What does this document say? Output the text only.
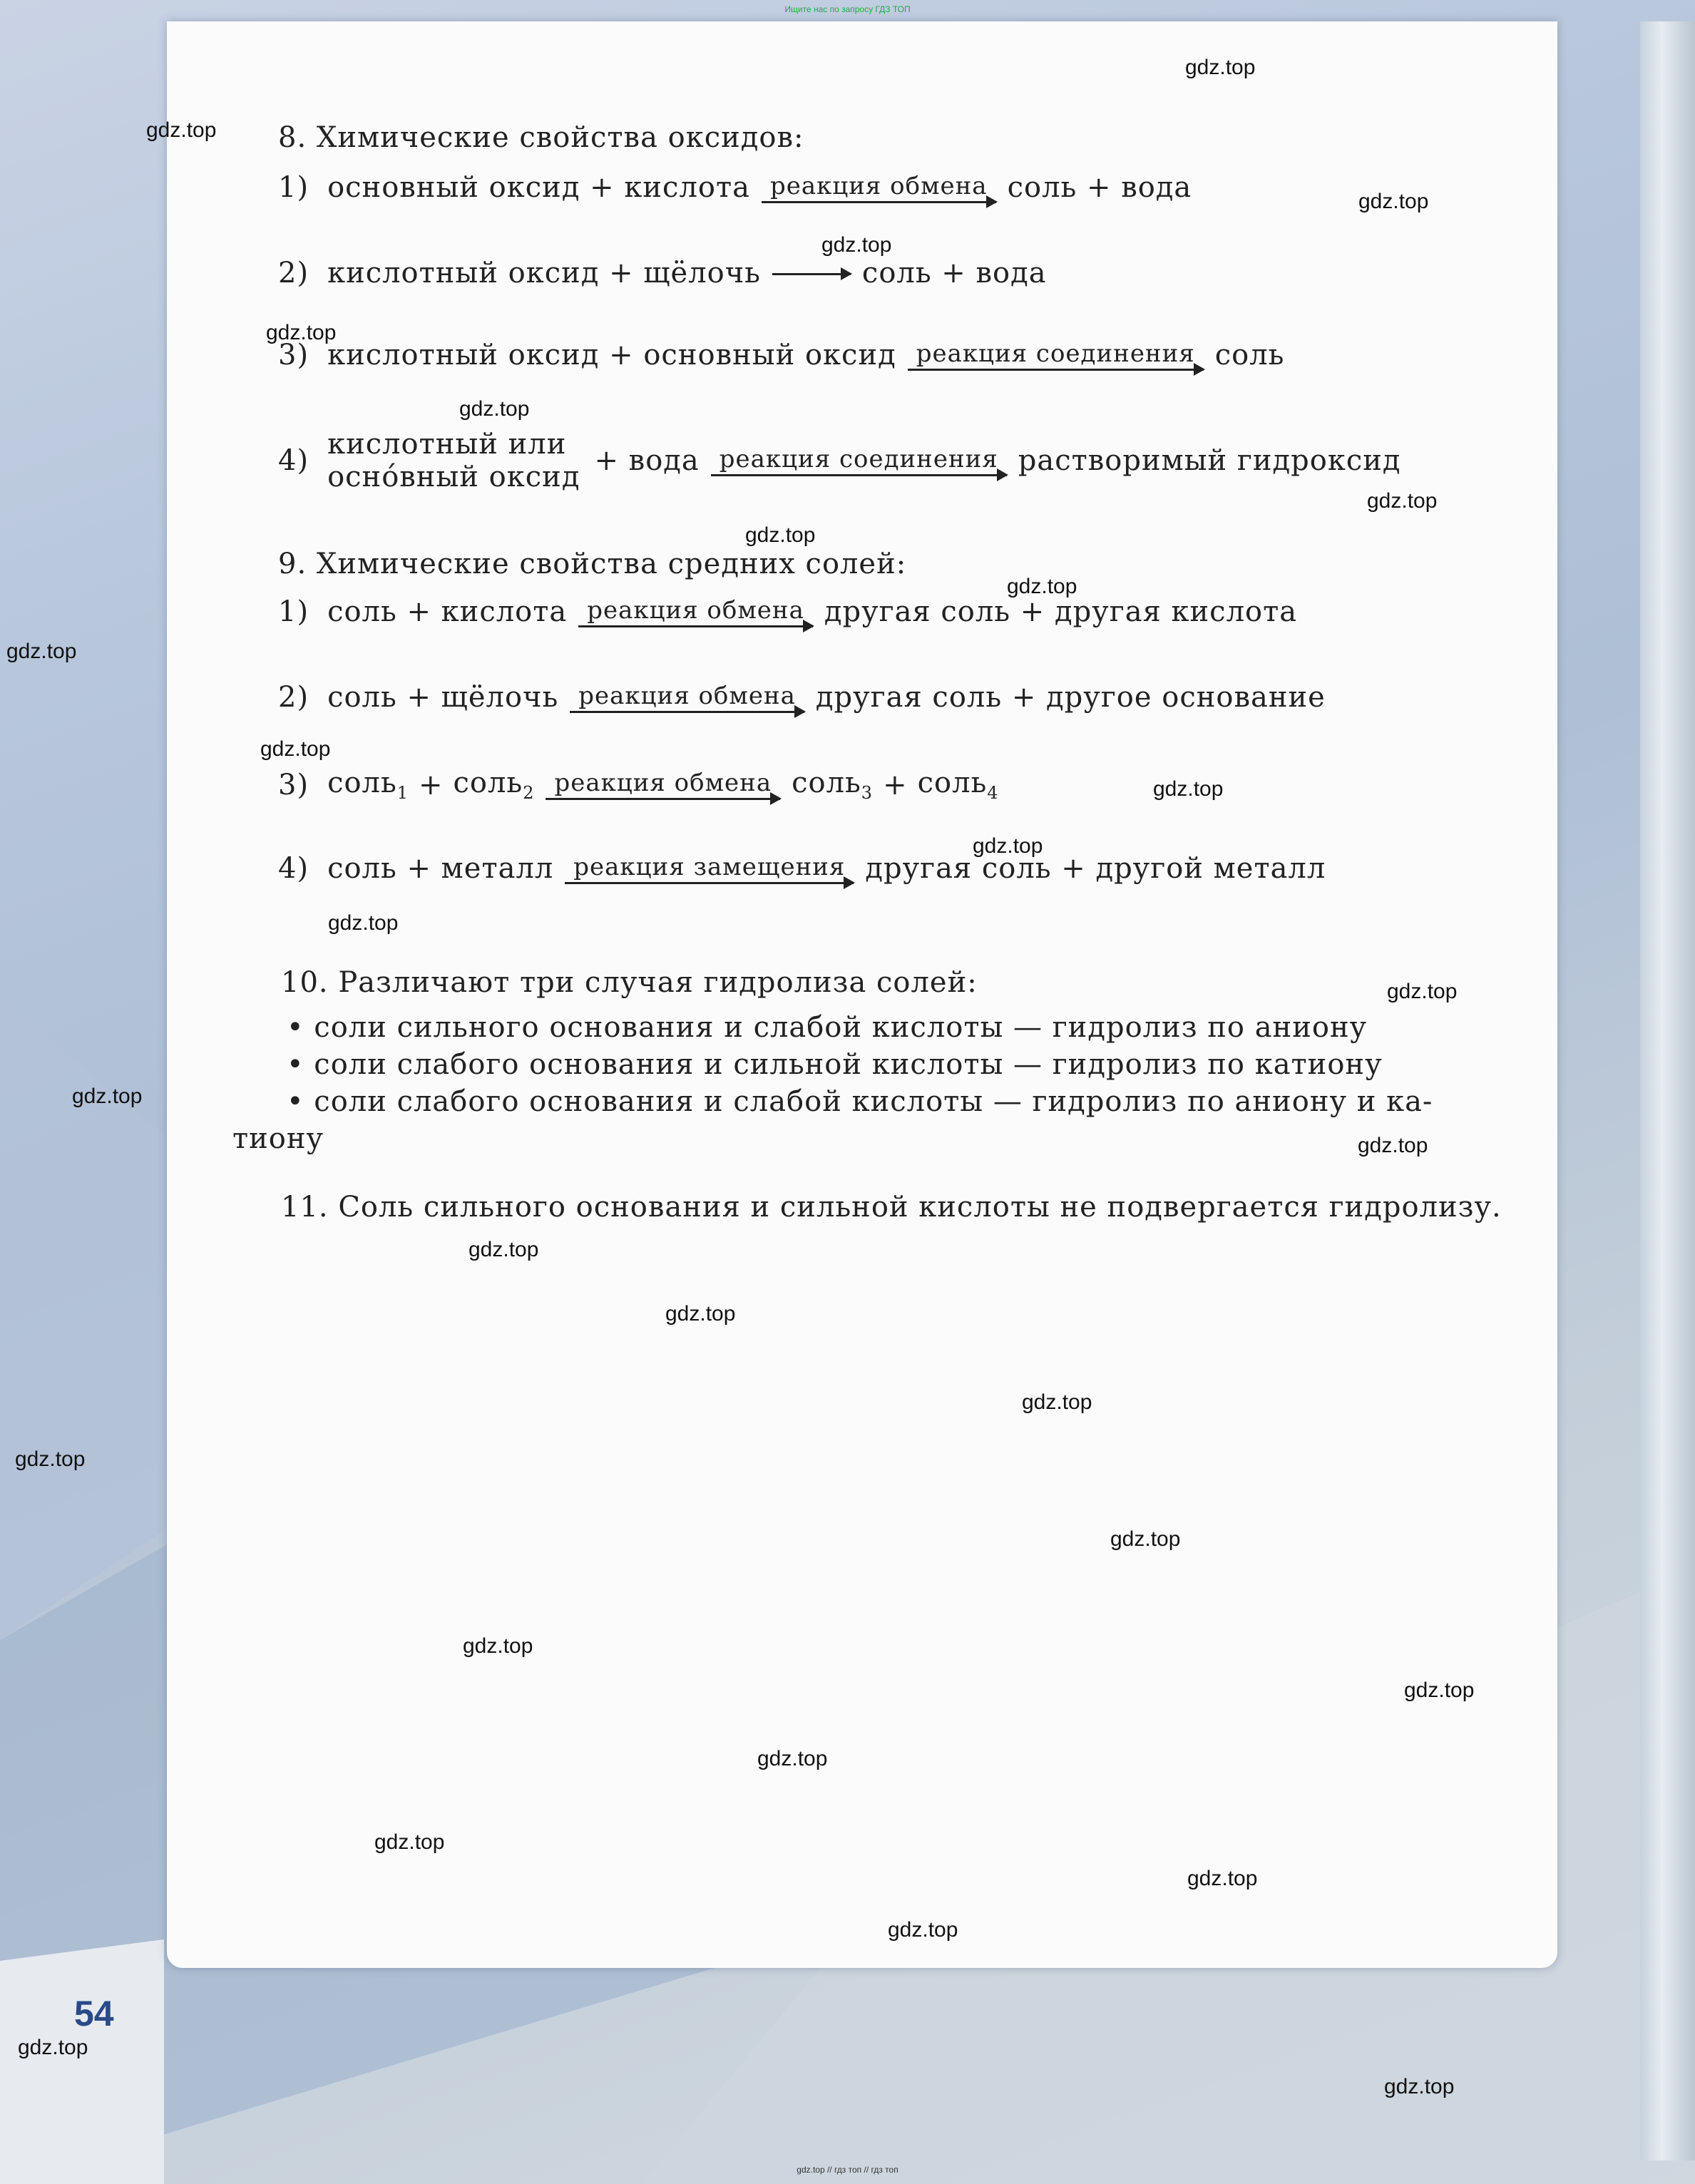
Ищите нас по запросу ГДЗ ТОП
8. Химические свойства оксидов:
1) основный оксид + кислота реакция обмена соль + вода
2) кислотный оксид + щёлочь → соль + вода
3) кислотный оксид + основный оксид реакция соединения соль
4) кислотный или
осно́вный оксид + вода реакция соединения растворимый гидроксид
9. Химические свойства средних солей:
1) соль + кислота реакция обмена другая соль + другая кислота
2) соль + щёлочь реакция обмена другая соль + другое основание
3) соль$_1$ + соль$_2$ реакция обмена соль$_3$ + соль$_4$
4) соль + металл реакция замещения другая соль + другой металл
10. Различают три случая гидролиза солей:
• соли сильного основания и слабой кислоты — гидролиз по аниону
• соли слабого основания и сильной кислоты — гидролиз по катиону
• соли слабого основания и слабой кислоты — гидролиз по аниону и ка-
тиону
11. Соль сильного основания и сильной кислоты не подвергается гидролизу.
54
gdz.top
gdz.top
gdz.top
gdz.top
gdz.top
gdz.top
gdz.top
gdz.top
gdz.top
gdz.top
gdz.top
gdz.top
gdz.top
gdz.top
gdz.top
gdz.top
gdz.top
gdz.top
gdz.top
gdz.top
gdz.top
gdz.top
gdz.top
gdz.top
gdz.top
gdz.top
gdz.top
gdz.top
gdz.top
gdz.top
gdz.top // гдз топ // гдз топ
